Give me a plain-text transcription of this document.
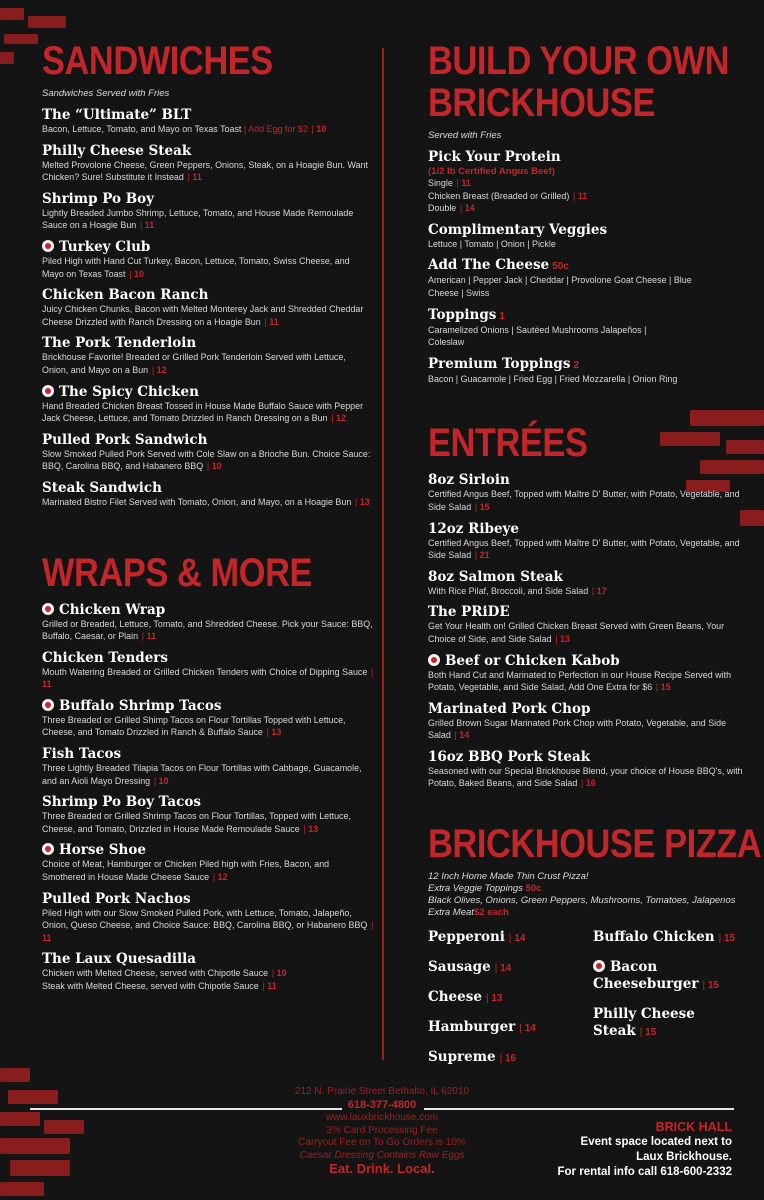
SANDWICHES
Sandwiches Served with Fries
The “Ultimate” BLT
Bacon, Lettuce, Tomato, and Mayo on Texas Toast | Add Egg for $2 | 10
Philly Cheese Steak
Melted Provolone Cheese, Green Peppers, Onions, Steak, on a Hoagie Bun. Want Chicken? Sure! Substitute it Instead | 11
Shrimp Po Boy
Lightly Breaded Jumbo Shrimp, Lettuce, Tomato, and House Made Remoulade Sauce on a Hoagie Bun | 11
Turkey Club
Piled High with Hand Cut Turkey, Bacon, Lettuce, Tomato, Swiss Cheese, and Mayo on Texas Toast | 10
Chicken Bacon Ranch
Juicy Chicken Chunks, Bacon with Melted Monterey Jack and Shredded Cheddar Cheese Drizzled with Ranch Dressing on a Hoagie Bun | 11
The Pork Tenderloin
Brickhouse Favorite! Breaded or Grilled Pork Tenderloin Served with Lettuce, Onion, and Mayo on a Bun | 12
The Spicy Chicken
Hand Breaded Chicken Breast Tossed in House Made Buffalo Sauce with Pepper Jack Cheese, Lettuce, and Tomato Drizzled in Ranch Dressing on a Bun | 12
Pulled Pork Sandwich
Slow Smoked Pulled Pork Served with Cole Slaw on a Brioche Bun. Choice Sauce: BBQ, Carolina BBQ, and Habanero BBQ | 10
Steak Sandwich
Marinated Bistro Filet Served with Tomato, Onion, and Mayo, on a Hoagie Bun | 13
WRAPS & MORE
Chicken Wrap
Grilled or Breaded, Lettuce, Tomato, and Shredded Cheese. Pick your Sauce: BBQ, Buffalo, Caesar, or Plain | 11
Chicken Tenders
Mouth Watering Breaded or Grilled Chicken Tenders with Choice of Dipping Sauce| 11
Buffalo Shrimp Tacos
Three Breaded or Grilled Shimp Tacos on Flour Tortillas Topped with Lettuce, Cheese, and Tomato Drizzled in Ranch & Buffalo Sauce | 13
Fish Tacos
Three Lightly Breaded Tilapia Tacos on Flour Tortillas with Cabbage, Guacamole, and an Aioli Mayo Dressing | 10
Shrimp Po Boy Tacos
Three Breaded or Grilled Shrimp Tacos on Flour Tortillas, Topped with Lettuce, Cheese, and Tomato, Drizzled in House Made Remoulade Sauce | 13
Horse Shoe
Choice of Meat, Hamburger or Chicken Piled high with Fries, Bacon, and Smothered in House Made Cheese Sauce | 12
Pulled Pork Nachos
Piled High with our Slow Smoked Pulled Pork, with Lettuce, Tomato, Jalapeño, Onion, Queso Cheese, and Choice Sauce: BBQ, Carolina BBQ, or Habanero BBQ| 11
The Laux Quesadilla
Chicken with Melted Cheese, served with Chipotle Sauce | 10
Steak with Melted Cheese, served with Chipotle Sauce | 11
BUILD YOUR OWN
BRICKHOUSE
Served with Fries
Pick Your Protein
(1/2 lb Certified Angus Beef)
Single | 11
Chicken Breast (Breaded or Grilled) | 11
Double | 14
Complimentary Veggies
Lettuce | Tomato | Onion | Pickle
Add The Cheese 50c
American | Pepper Jack | Cheddar | Provolone Goat Cheese | Blue Cheese | Swiss
Toppings 1
Caramelized Onions | Sautéed Mushrooms Jalapeños | Coleslaw
Premium Toppings 2
Bacon | Guacamole | Fried Egg | Fried Mozzarella | Onion Ring
ENTRÉES
8oz Sirloin
Certified Angus Beef, Topped with Maître D' Butter, with Potato, Vegetable, and Side Salad | 15
12oz Ribeye
Certified Angus Beef, Topped with Maître D' Butter, with Potato, Vegetable, and Side Salad | 21
8oz Salmon Steak
With Rice Pilaf, Broccoli, and Side Salad | 17
The PRiDE
Get Your Health on! Grilled Chicken Breast Served with Green Beans, Your Choice of Side, and Side Salad | 13
Beef or Chicken Kabob
Both Hand Cut and Marinated to Perfection in our House Recipe Served with Potato, Vegetable, and Side Salad, Add One Extra for $6 | 15
Marinated Pork Chop
Grilled Brown Sugar Marinated Pork Chop with Potato, Vegetable, and Side Salad | 14
16oz BBQ Pork Steak
Seasoned with our Special Brickhouse Blend, your choice of House BBQ's, with Potato, Baked Beans, and Side Salad | 16
BRICKHOUSE PIZZA
12 Inch Home Made Thin Crust Pizza!
Extra Veggie Toppings 50c
Black Olives, Onions, Green Peppers, Mushrooms, Tomatoes, Jalapenos
Extra Meat$2 each
Pepperoni | 14
Sausage | 14
Cheese | 13
Hamburger | 14
Supreme | 16
Buffalo Chicken | 15
Bacon Cheeseburger | 15
Philly Cheese Steak | 15
212 N. Prairie Street Bethalto, IL 62010
618-377-4800
www.lauxbrickhouse.com
3% Card Processing Fee
Carryout Fee on To Go Orders is 10%
Caesar Dressing Contains Raw Eggs
Eat. Drink. Local.
BRICK HALL
Event space located next to
Laux Brickhouse.
For rental info call 618-600-2332
